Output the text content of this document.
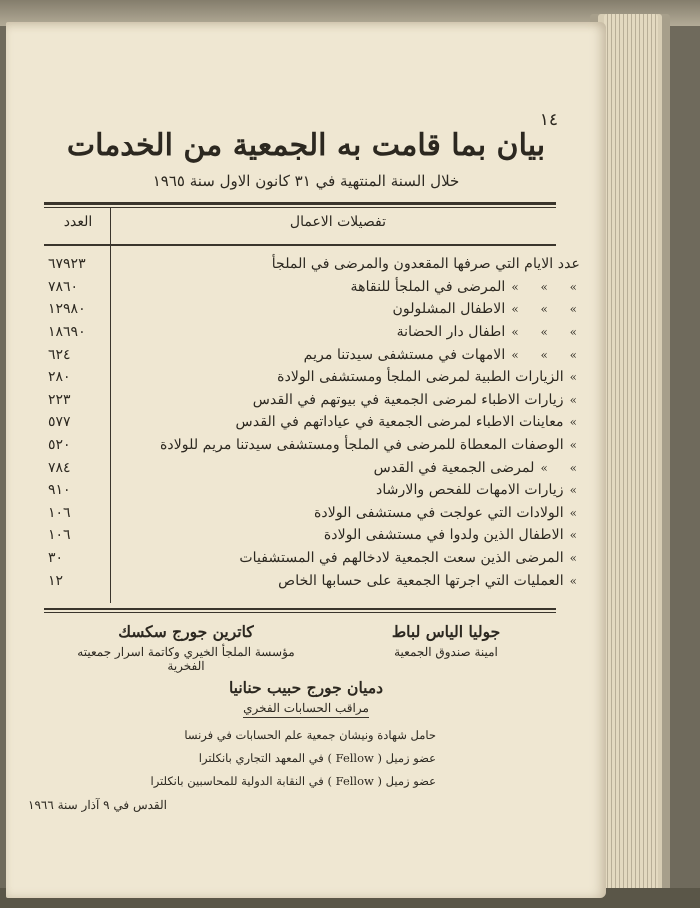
١٤
بيان بما قامت به الجمعية من الخدمات
خلال السنة المنتهية في ٣١ كانون الاول سنة ١٩٦٥
تفصيلات الاعمال
العدد
عدد الايام التي صرفها المقعدون والمرضى في الملجأ
٦٧٩٢٣
» » »
المرضى في الملجأ للنقاهة
٧٨٦٠
» » »
الاطفال المشلولون
١٢٩٨٠
» » »
اطفال دار الحضانة
١٨٦٩٠
» » »
الامهات في مستشفى سيدتنا مريم
٦٢٤
»
الزيارات الطبية لمرضى الملجأ ومستشفى الولادة
٢٨٠
»
زيارات الاطباء لمرضى الجمعية في بيوتهم في القدس
٢٢٣
»
معاينات الاطباء لمرضى الجمعية في عياداتهم في القدس
٥٧٧
»
الوصفات المعطاة للمرضى في الملجأ ومستشفى سيدتنا مريم للولادة
٥٢٠
» »
لمرضى الجمعية في القدس
٧٨٤
»
زيارات الامهات للفحص والارشاد
٩١٠
»
الولادات التي عولجت في مستشفى الولادة
١٠٦
»
الاطفال الذين ولدوا في مستشفى الولادة
١٠٦
»
المرضى الذين سعت الجمعية لادخالهم في المستشفيات
٣٠
»
العمليات التي اجرتها الجمعية على حسابها الخاص
١٢
جوليا الياس لباط
امينة صندوق الجمعية
كاترين جورج سكسك
مؤسسة الملجأ الخيري وكاتمة اسرار جمعيته الفخرية
دميان جورج حبيب حنانيا
مراقب الحسابات الفخري
حامل شهادة ونيشان جمعية علم الحسابات في فرنسا
عضو زميل ( Fellow ) في المعهد التجاري بانكلترا
عضو زميل ( Fellow ) في النقابة الدولية للمحاسبين بانكلترا
القدس في ٩ آذار سنة ١٩٦٦
